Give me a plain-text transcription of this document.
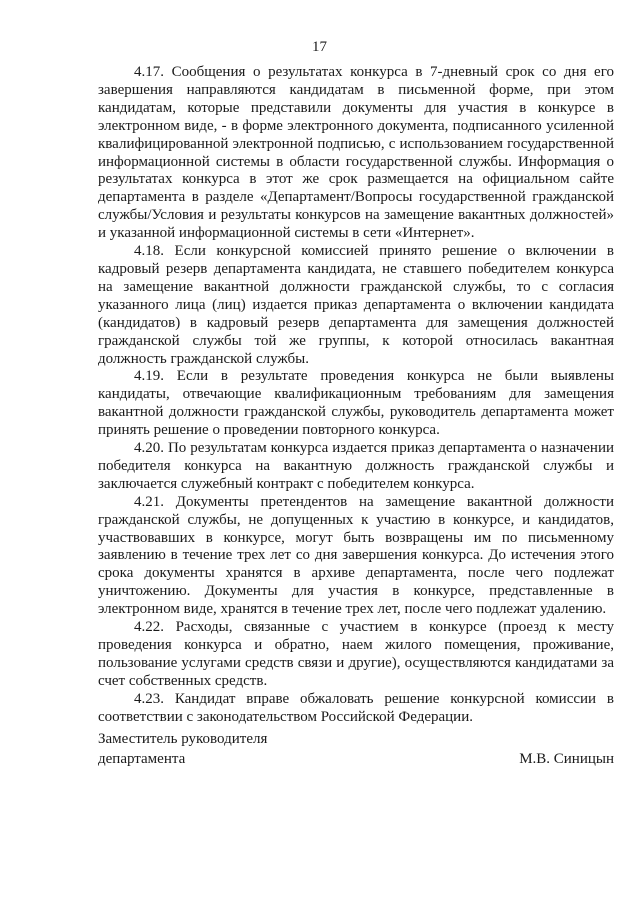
17

4.17. Сообщения о результатах конкурса в 7-дневный срок со дня его завершения направляются кандидатам в письменной форме, при этом кандидатам, которые представили документы для участия в конкурсе в электронном виде, - в форме электронного документа, подписанного усиленной квалифицированной электронной подписью, с использованием государственной информационной системы в области государственной службы. Информация о результатах конкурса в этот же срок размещается на официальном сайте департамента в разделе «Департамент/Вопросы государственной гражданской службы/Условия и результаты конкурсов на замещение вакантных должностей» и указанной информационной системы в сети «Интернет».

4.18. Если конкурсной комиссией принято решение о включении в кадровый резерв департамента кандидата, не ставшего победителем конкурса на замещение вакантной должности гражданской службы, то с согласия указанного лица (лиц) издается приказ департамента о включении кандидата (кандидатов) в кадровый резерв департамента для замещения должностей гражданской службы той же группы, к которой относилась вакантная должность гражданской службы.

4.19. Если в результате проведения конкурса не были выявлены кандидаты, отвечающие квалификационным требованиям для замещения вакантной должности гражданской службы, руководитель департамента может принять решение о проведении повторного конкурса.

4.20. По результатам конкурса издается приказ департамента о назначении победителя конкурса на вакантную должность гражданской службы и заключается служебный контракт с победителем конкурса.

4.21. Документы претендентов на замещение вакантной должности гражданской службы, не допущенных к участию в конкурсе, и кандидатов, участвовавших в конкурсе, могут быть возвращены им по письменному заявлению в течение трех лет со дня завершения конкурса. До истечения этого срока документы хранятся в архиве департамента, после чего подлежат уничтожению. Документы для участия в конкурсе, представленные в электронном виде, хранятся в течение трех лет, после чего подлежат удалению.

4.22. Расходы, связанные с участием в конкурсе (проезд к месту проведения конкурса и обратно, наем жилого помещения, проживание, пользование услугами средств связи и другие), осуществляются кандидатами за счет собственных средств.

4.23. Кандидат вправе обжаловать решение конкурсной комиссии в соответствии с законодательством Российской Федерации.

Заместитель руководителя
департамента	М.В. Синицын
